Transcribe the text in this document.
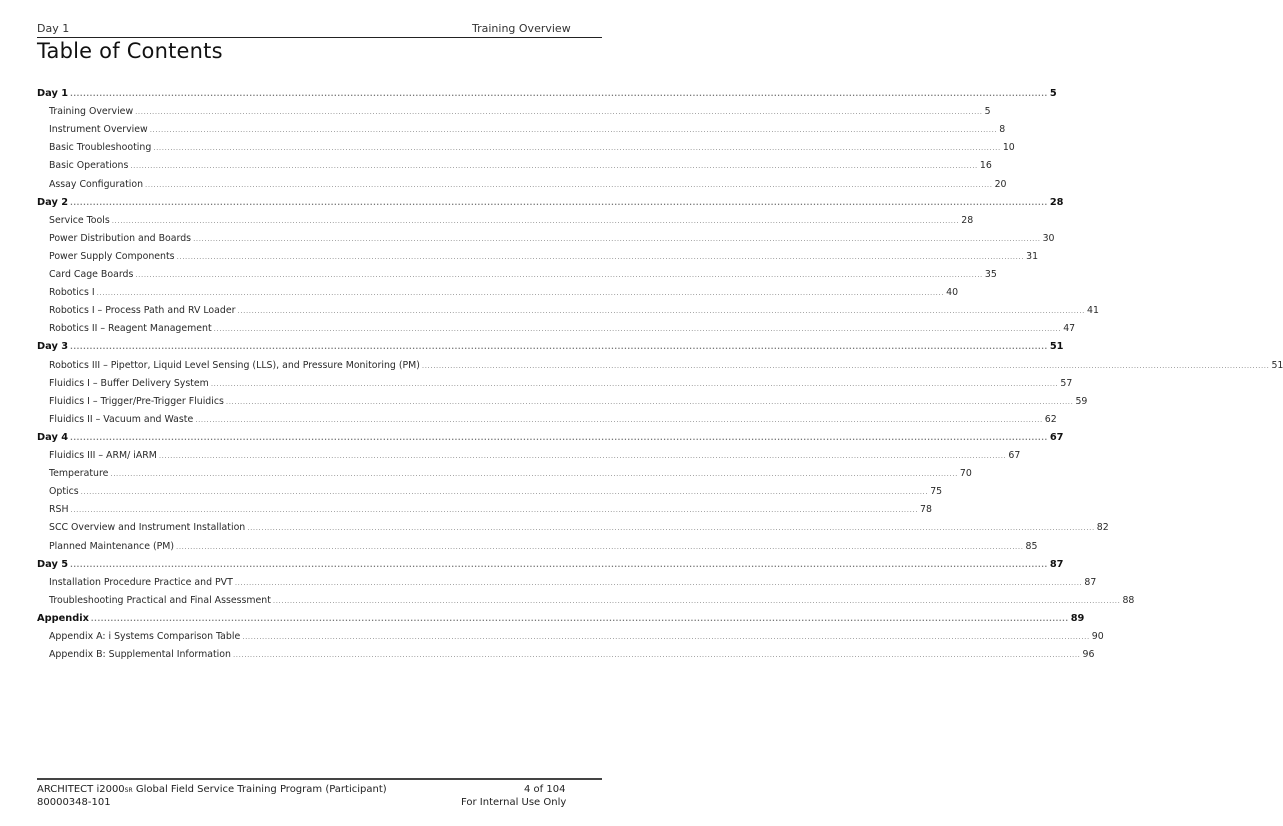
Day 1	Training Overview
Table of Contents
Day 1 ............................................................................................................................................................................................................................................................................................................ 5
Training Overview ............................................................................................................................................................................................................................................................................................................ 5
Instrument Overview ............................................................................................................................................................................................................................................................................................................ 8
Basic Troubleshooting ............................................................................................................................................................................................................................................................................................................ 10
Basic Operations ............................................................................................................................................................................................................................................................................................................ 16
Assay Configuration ............................................................................................................................................................................................................................................................................................................ 20
Day 2 ............................................................................................................................................................................................................................................................................................................ 28
Service Tools ............................................................................................................................................................................................................................................................................................................ 28
Power Distribution and Boards ............................................................................................................................................................................................................................................................................................................ 30
Power Supply Components ............................................................................................................................................................................................................................................................................................................ 31
Card Cage Boards ............................................................................................................................................................................................................................................................................................................ 35
Robotics I ............................................................................................................................................................................................................................................................................................................ 40
Robotics I – Process Path and RV Loader ............................................................................................................................................................................................................................................................................................................ 41
Robotics II – Reagent Management ............................................................................................................................................................................................................................................................................................................ 47
Day 3 ............................................................................................................................................................................................................................................................................................................ 51
Robotics III – Pipettor, Liquid Level Sensing (LLS), and Pressure Monitoring (PM) ............................................................................................................................................................................................................................................................................................................ 51
Fluidics I – Buffer Delivery System ............................................................................................................................................................................................................................................................................................................ 57
Fluidics I – Trigger/Pre-Trigger Fluidics ............................................................................................................................................................................................................................................................................................................ 59
Fluidics II – Vacuum and Waste ............................................................................................................................................................................................................................................................................................................ 62
Day 4 ............................................................................................................................................................................................................................................................................................................ 67
Fluidics III – ARM/ iARM ............................................................................................................................................................................................................................................................................................................ 67
Temperature ............................................................................................................................................................................................................................................................................................................ 70
Optics ............................................................................................................................................................................................................................................................................................................ 75
RSH ............................................................................................................................................................................................................................................................................................................ 78
SCC Overview and Instrument Installation ............................................................................................................................................................................................................................................................................................................ 82
Planned Maintenance (PM) ............................................................................................................................................................................................................................................................................................................ 85
Day 5 ............................................................................................................................................................................................................................................................................................................ 87
Installation Procedure Practice and PVT ............................................................................................................................................................................................................................................................................................................ 87
Troubleshooting Practical and Final Assessment ............................................................................................................................................................................................................................................................................................................ 88
Appendix ............................................................................................................................................................................................................................................................................................................ 89
Appendix A: i Systems Comparison Table ............................................................................................................................................................................................................................................................................................................ 90
Appendix B: Supplemental Information ............................................................................................................................................................................................................................................................................................................ 96
ARCHITECT i2000SR Global Field Service Training Program (Participant)
80000348-101
4 of 104
For Internal Use Only
